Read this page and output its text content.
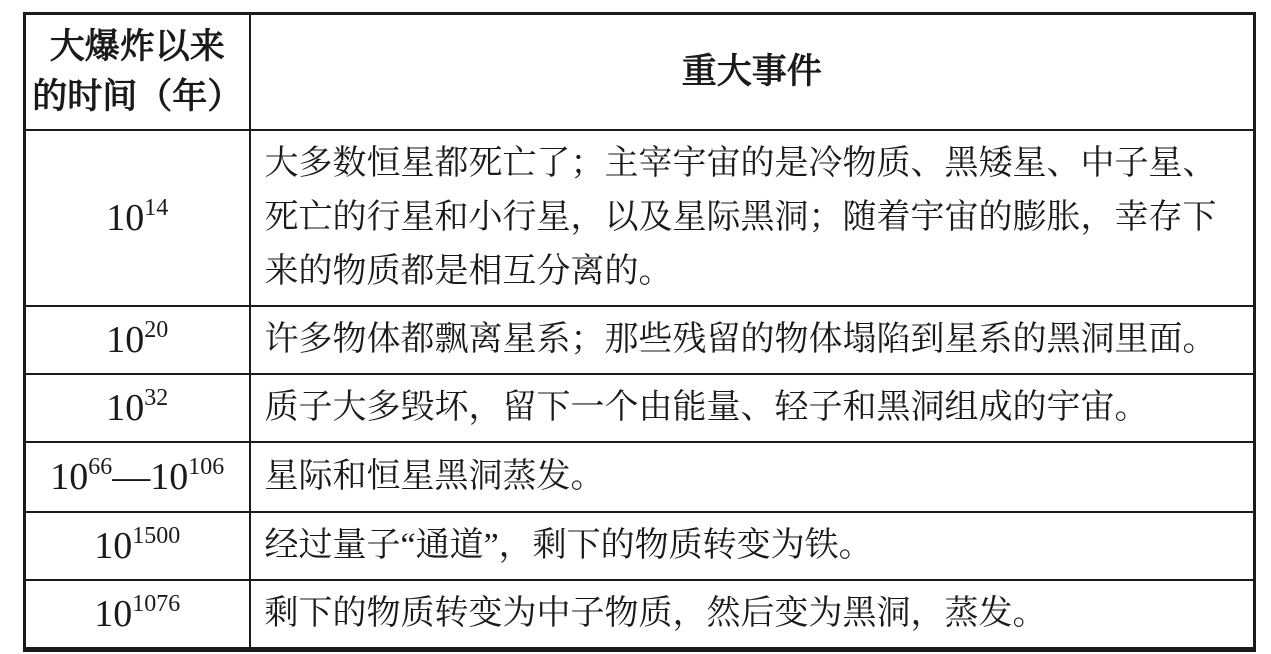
大爆炸以来
的时间（年）	重大事件
$10^{14}$	大多数恒星都死亡了；主宰宇宙的是冷物质、黑矮星、中子星、死亡的行星和小行星，以及星际黑洞；随着宇宙的膨胀，幸存下来的物质都是相互分离的。
$10^{20}$	许多物体都飘离星系；那些残留的物体塌陷到星系的黑洞里面。
$10^{32}$	质子大多毁坏，留下一个由能量、轻子和黑洞组成的宇宙。
$10^{66}—10^{106}$	星际和恒星黑洞蒸发。
$10^{1500}$	经过量子“通道”，剩下的物质转变为铁。
$10^{1076}$	剩下的物质转变为中子物质，然后变为黑洞，蒸发。
